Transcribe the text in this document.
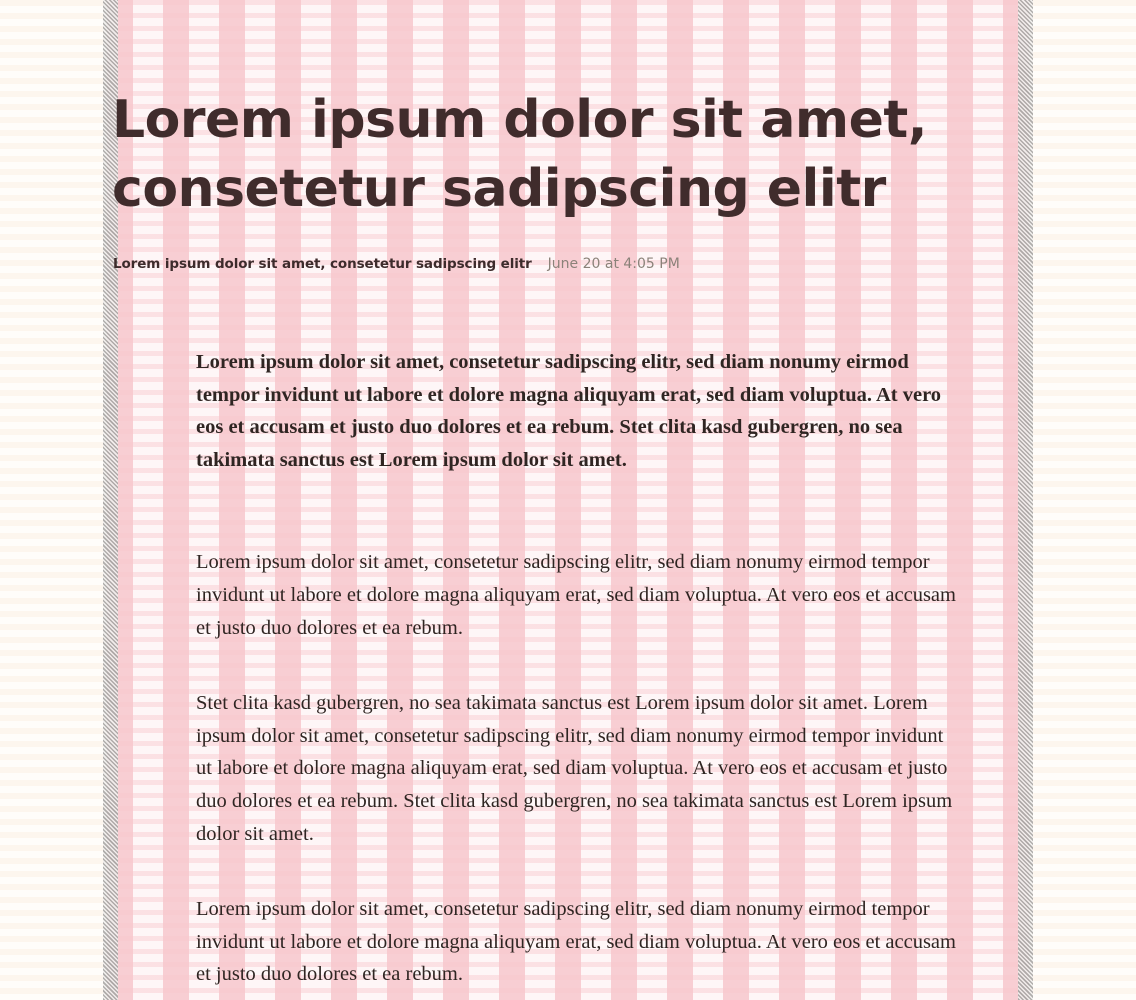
Lorem ipsum dolor sit amet, consetetur sadipscing elitr
Lorem ipsum dolor sit amet, consetetur sadipscing elitr June 20 at 4:05 PM

Lorem ipsum dolor sit amet, consetetur sadipscing elitr, sed diam nonumy eirmod tempor invidunt ut labore et dolore magna aliquyam erat, sed diam voluptua. At vero eos et accusam et justo duo dolores et ea rebum. Stet clita kasd gubergren, no sea takimata sanctus est Lorem ipsum dolor sit amet.

Lorem ipsum dolor sit amet, consetetur sadipscing elitr, sed diam nonumy eirmod tempor invidunt ut labore et dolore magna aliquyam erat, sed diam voluptua. At vero eos et accusam et justo duo dolores et ea rebum.

Stet clita kasd gubergren, no sea takimata sanctus est Lorem ipsum dolor sit amet. Lorem ipsum dolor sit amet, consetetur sadipscing elitr, sed diam nonumy eirmod tempor invidunt ut labore et dolore magna aliquyam erat, sed diam voluptua. At vero eos et accusam et justo duo dolores et ea rebum. Stet clita kasd gubergren, no sea takimata sanctus est Lorem ipsum dolor sit amet.

Lorem ipsum dolor sit amet, consetetur sadipscing elitr, sed diam nonumy eirmod tempor invidunt ut labore et dolore magna aliquyam erat, sed diam voluptua. At vero eos et accusam et justo duo dolores et ea rebum.
